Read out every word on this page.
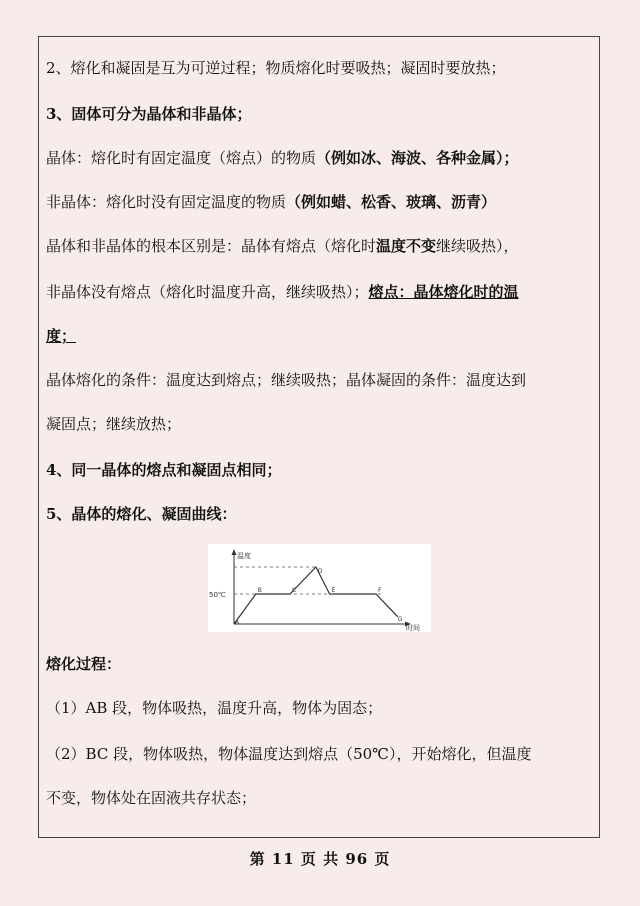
2、熔化和凝固是互为可逆过程；物质熔化时要吸热；凝固时要放热；
3、固体可分为晶体和非晶体；
晶体：熔化时有固定温度（熔点）的物质（例如冰、海波、各种金属）；
非晶体：熔化时没有固定温度的物质（例如蜡、松香、玻璃、沥青）
晶体和非晶体的根本区别是：晶体有熔点（熔化时温度不变继续吸热），
非晶体没有熔点（熔化时温度升高，继续吸热）；熔点：晶体熔化时的温
度；
晶体熔化的条件：温度达到熔点；继续吸热；晶体凝固的条件：温度达到
凝固点；继续放热；
4、同一晶体的熔点和凝固点相同；
5、晶体的熔化、凝固曲线：
温度
时间
50℃
A
B	C
D
E	F
G
熔化过程：
（1）AB 段，物体吸热，温度升高，物体为固态；
（2）BC 段，物体吸热，物体温度达到熔点（50℃），开始熔化，但温度
不变，物体处在固液共存状态；
第 11 页 共 96 页
